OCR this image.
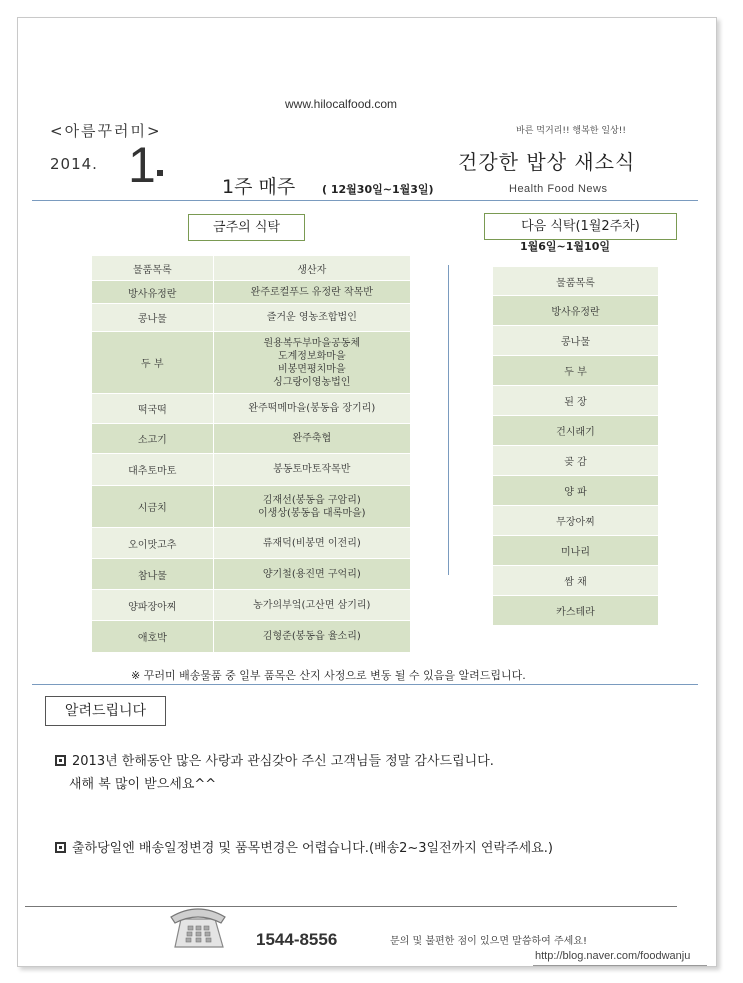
www.hilocalfood.com
<아름꾸러미>	바른 먹거리!! 행복한 일상!!
2014. 1	1주 매주 ( 12월30일~1월3일)
건강한 밥상 새소식
Health Food News
금주의 식탁	다음 식탁(1월2주차)
1월6일~1월10일
물품목록	생산자
방사유정란	완주로컬푸드 유정란 작목반
콩나물	즐거운 영농조합법인
두 부	원용복두부마을공동체
도계정보화마을
비봉면평치마을
싱그랑이영농법인
떡국떡	완주떡메마을(봉동읍 장기리)
소고기	완주축협
대추토마토	봉동토마토작목반
시금치	김재선(봉동읍 구암리)
이생상(봉동읍 대록마을)
오이맛고추	류재덕(비봉면 이전리)
참나물	양기철(용진면 구억리)
양파장아찌	농가의부엌(고산면 삼기리)
애호박	김형준(봉동읍 율소리)
물품목록
방사유정란
콩나물
두 부
된 장
건시래기
곶 감
양 파
무장아찌
미나리
쌈 채
카스테라
※ 꾸러미 배송물품 중 일부 품목은 산지 사정으로 변동 될 수 있음을 알려드립니다.
알려드립니다
2013년 한해동안 많은 사랑과 관심갖아 주신 고객님들 정말 감사드립니다.
새해 복 많이 받으세요^^
출하당일엔 배송일정변경 및 품목변경은 어렵습니다.(배송2~3일전까지 연락주세요.)
1544-8556	문의 및 불편한 점이 있으면 말씀하여 주세요!
http://blog.naver.com/foodwanju
